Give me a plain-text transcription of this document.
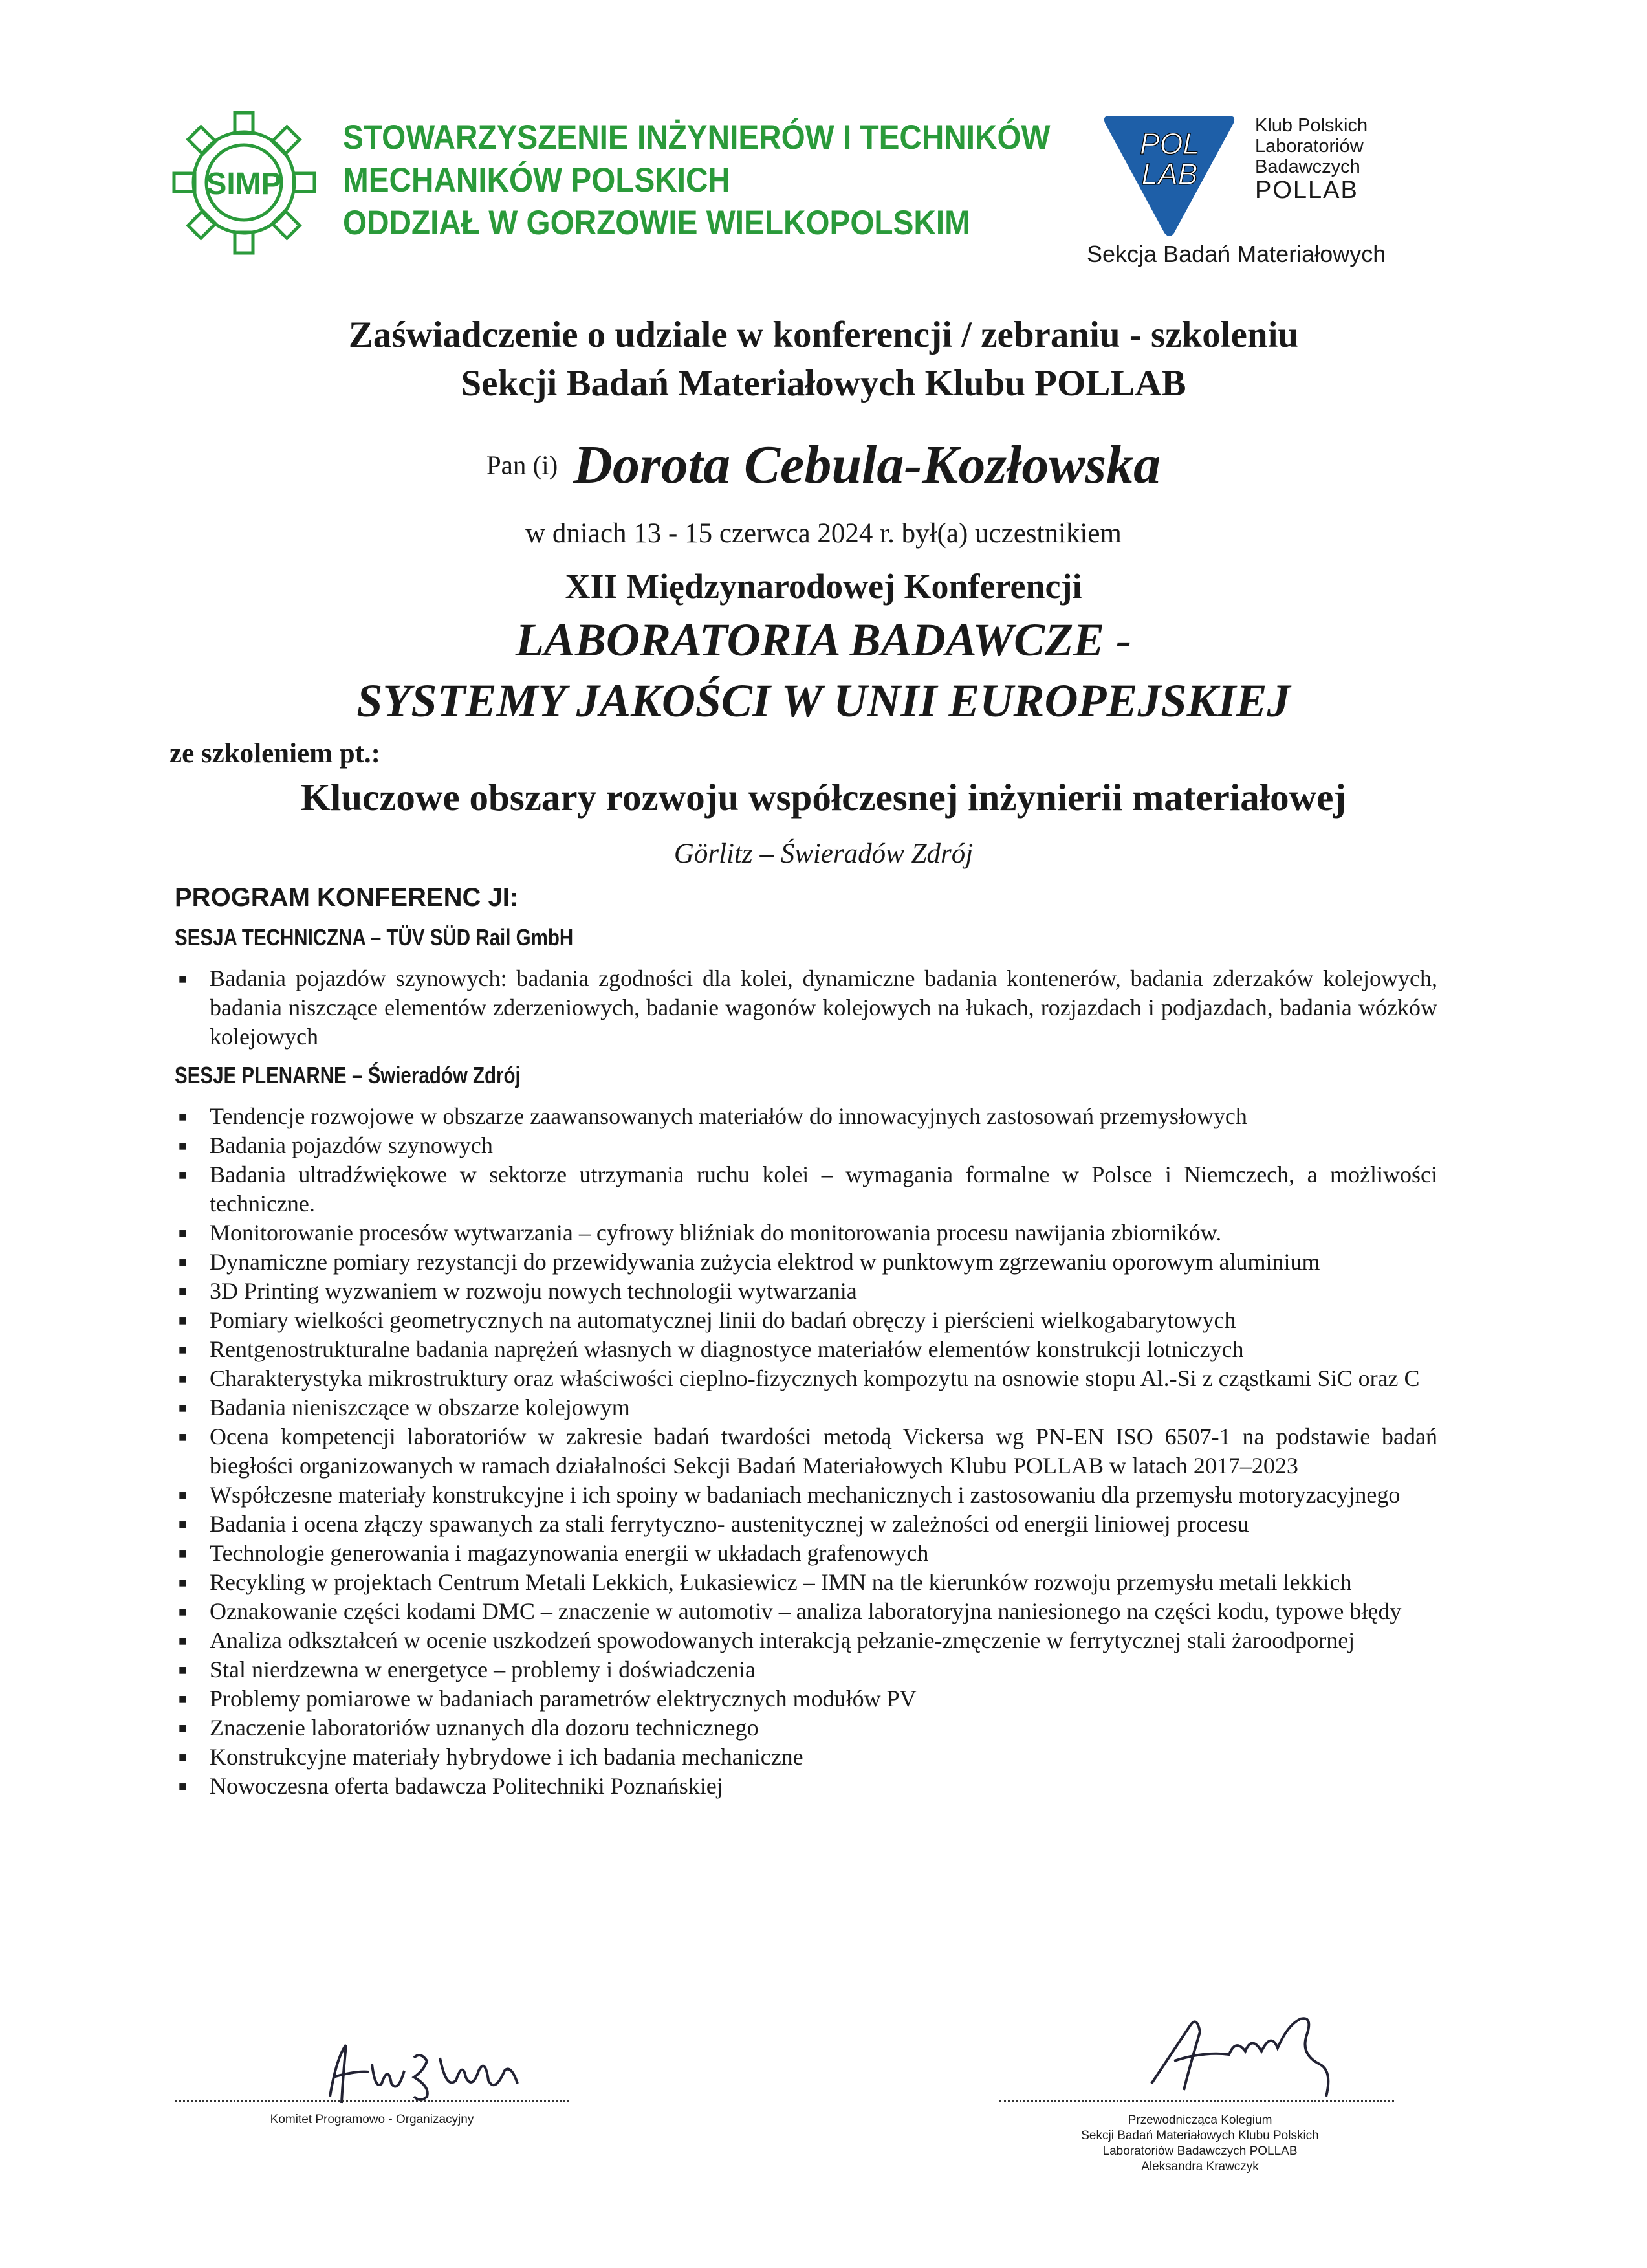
SIMP
STOWARZYSZENIE INŻYNIERÓW I TECHNIKÓW
MECHANIKÓW POLSKICH
ODDZIAŁ W GORZOWIE WIELKOPOLSKIM
POL
LAB
Klub Polskich
Laboratoriów
Badawczych
POLLAB
Sekcja Badań Materiałowych
Zaświadczenie o udziale w konferencji / zebraniu - szkoleniu
Sekcji Badań Materiałowych Klubu POLLAB
Pan (i) Dorota Cebula-Kozłowska
w dniach 13 - 15 czerwca 2024 r. był(a) uczestnikiem
XII Międzynarodowej Konferencji
LABORATORIA BADAWCZE -
SYSTEMY JAKOŚCI W UNII EUROPEJSKIEJ
ze szkoleniem pt.:
Kluczowe obszary rozwoju współczesnej inżynierii materiałowej
Görlitz – Świeradów Zdrój
PROGRAM KONFERENC JI:
SESJA TECHNICZNA – TÜV SÜD Rail GmbH
■ Badania pojazdów szynowych: badania zgodności dla kolei, dynamiczne badania kontenerów, badania zderzaków kolejowych, badania niszczące elementów zderzeniowych, badanie wagonów kolejowych na łukach, rozjazdach i podjazdach, badania wózków kolejowych
SESJE PLENARNE – Świeradów Zdrój
■ Tendencje rozwojowe w obszarze zaawansowanych materiałów do innowacyjnych zastosowań przemysłowych
■ Badania pojazdów szynowych
■ Badania ultradźwiękowe w sektorze utrzymania ruchu kolei – wymagania formalne w Polsce i Niemczech, a możliwości techniczne.
■ Monitorowanie procesów wytwarzania – cyfrowy bliźniak do monitorowania procesu nawijania zbiorników.
■ Dynamiczne pomiary rezystancji do przewidywania zużycia elektrod w punktowym zgrzewaniu oporowym aluminium
■ 3D Printing wyzwaniem w rozwoju nowych technologii wytwarzania
■ Pomiary wielkości geometrycznych na automatycznej linii do badań obręczy i pierścieni wielkogabarytowych
■ Rentgenostrukturalne badania naprężeń własnych w diagnostyce materiałów elementów konstrukcji lotniczych
■ Charakterystyka mikrostruktury oraz właściwości cieplno-fizycznych kompozytu na osnowie stopu Al.-Si z cząstkami SiC oraz C
■ Badania nieniszczące w obszarze kolejowym
■ Ocena kompetencji laboratoriów w zakresie badań twardości metodą Vickersa wg PN-EN ISO 6507-1 na podstawie badań biegłości organizowanych w ramach działalności Sekcji Badań Materiałowych Klubu POLLAB w latach 2017–2023
■ Współczesne materiały konstrukcyjne i ich spoiny w badaniach mechanicznych i zastosowaniu dla przemysłu motoryzacyjnego
■ Badania i ocena złączy spawanych za stali ferrytyczno- austenitycznej w zależności od energii liniowej procesu
■ Technologie generowania i magazynowania energii w układach grafenowych
■ Recykling w projektach Centrum Metali Lekkich, Łukasiewicz – IMN na tle kierunków rozwoju przemysłu metali lekkich
■ Oznakowanie części kodami DMC – znaczenie w automotiv – analiza laboratoryjna naniesionego na części kodu, typowe błędy
■ Analiza odkształceń w ocenie uszkodzeń spowodowanych interakcją pełzanie-zmęczenie w ferrytycznej stali żaroodpornej
■ Stal nierdzewna w energetyce – problemy i doświadczenia
■ Problemy pomiarowe w badaniach parametrów elektrycznych modułów PV
■ Znaczenie laboratoriów uznanych dla dozoru technicznego
■ Konstrukcyjne materiały hybrydowe i ich badania mechaniczne
■ Nowoczesna oferta badawcza Politechniki Poznańskiej
Komitet Programowo - Organizacyjny	Przewodnicząca Kolegium
Sekcji Badań Materiałowych Klubu Polskich
Laboratoriów Badawczych POLLAB
Aleksandra Krawczyk
